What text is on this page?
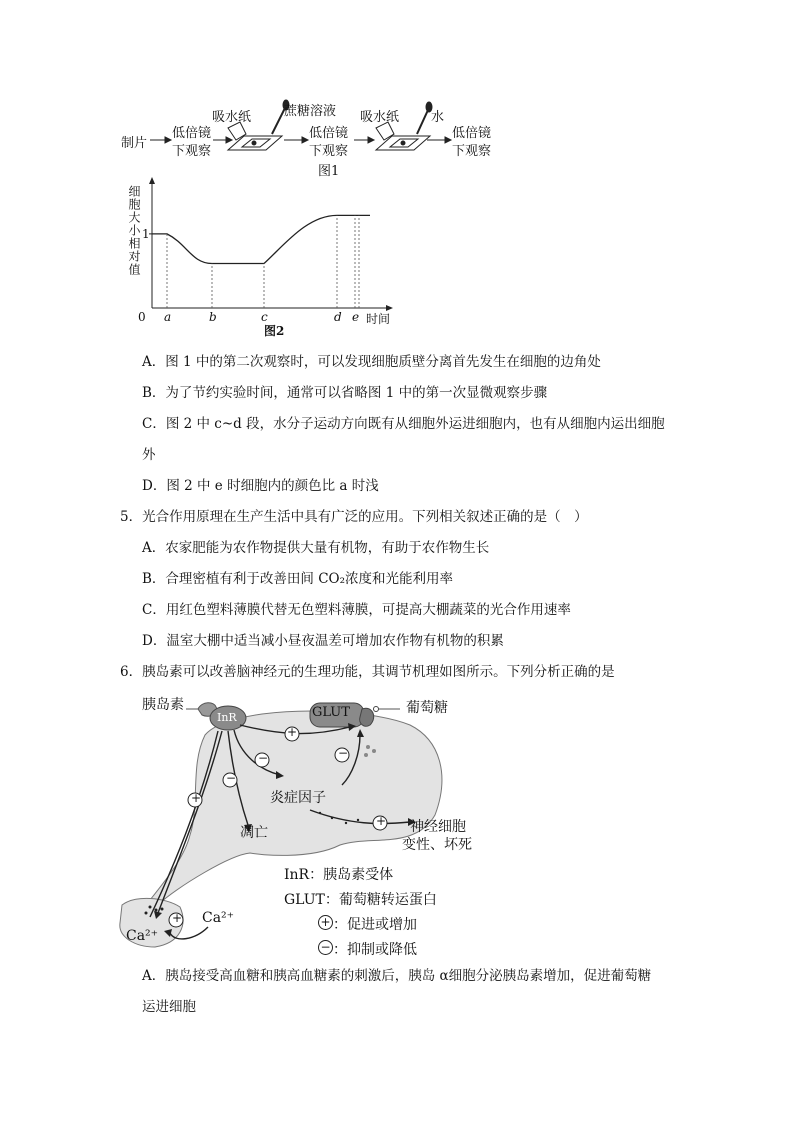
制片
低倍镜
下观察
吸水纸	蔗糖溶液
低倍镜
下观察
吸水纸 水
低倍镜
下观察
图1
1
0 a	b	c	d e 时间
细胞大小相对值
图2
A．图 1 中的第二次观察时，可以发现细胞质壁分离首先发生在细胞的边角处
B．为了节约实验时间，通常可以省略图 1 中的第一次显微观察步骤
C．图 2 中 c~d 段，水分子运动方向既有从细胞外运进细胞内，也有从细胞内运出细胞
外
D．图 2 中 e 时细胞内的颜色比 a 时浅
5．光合作用原理在生产生活中具有广泛的应用。下列相关叙述正确的是（　）
A．农家肥能为农作物提供大量有机物，有助于农作物生长
B．合理密植有利于改善田间 CO₂浓度和光能利用率
C．用红色塑料薄膜代替无色塑料薄膜，可提高大棚蔬菜的光合作用速率
D．温室大棚中适当减小昼夜温差可增加农作物有机物的积累
6．胰岛素可以改善脑神经元的生理功能，其调节机理如图所示。下列分析正确的是
+
−
−
+
+
+
−
胰岛素
InR	GLUT	葡萄糖
炎症因子
凋亡	神经细胞
变性、坏死
Ca²⁺
Ca²⁺
InR：胰岛素受体
GLUT：葡萄糖转运蛋白
+ ：促进或增加
− ：抑制或降低
A．胰岛接受高血糖和胰高血糖素的刺激后，胰岛 α细胞分泌胰岛素增加，促进葡萄糖
运进细胞
